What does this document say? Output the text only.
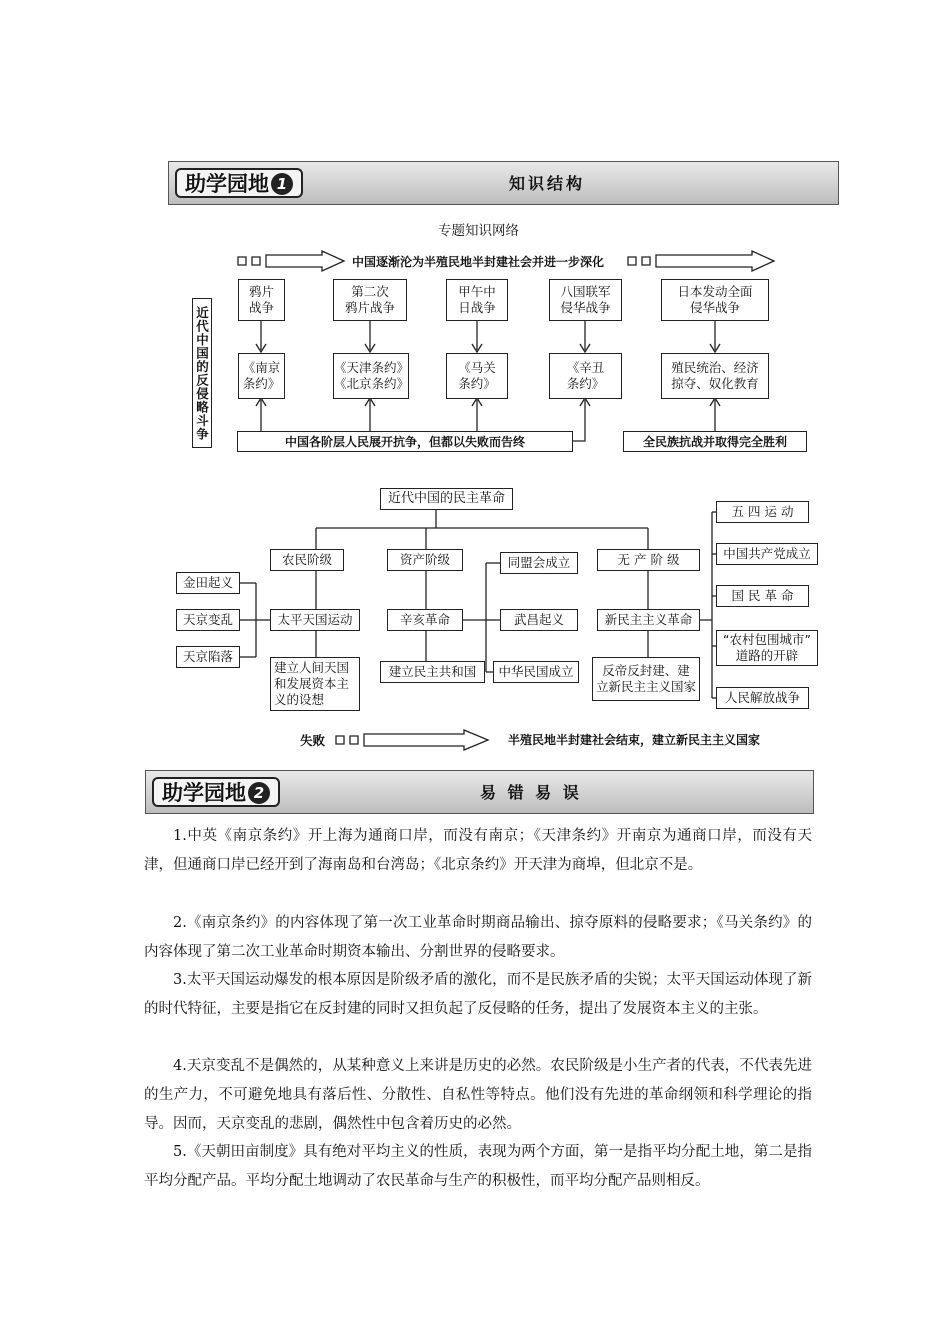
助学园地 1	知识结构
专题知识网络
中国逐渐沦为半殖民地半封建社会并进一步深化
近代中国的反侵略斗争
鸦片
战争
第二次
鸦片战争
甲午中
日战争
八国联军
侵华战争
日本发动全面
侵华战争
《南京
条约》
《天津条约》
《北京条约》
《马关
条约》
《辛丑
条约》
殖民统治、经济
掠夺、奴化教育
中国各阶层人民展开抗争，但都以失败而告终	全民族抗战并取得完全胜利
近代中国的民主革命
农民阶级	资产阶级	无 产 阶 级
太平天国运动	辛亥革命	新民主主义革命
金田起义
天京变乱
天京陷落
建立人间天国
和发展资本主
义的设想
建立民主共和国	反帝反封建、建
立新民主主义国家
同盟会成立
武昌起义
中华民国成立
五 四 运 动
中国共产党成立
国 民 革 命
“农村包围城市”
道路的开辟
人民解放战争
失败	半殖民地半封建社会结束，建立新民主主义国家
助学园地 2	易 错 易 误
1.中英《南京条约》开上海为通商口岸，而没有南京；《天津条约》开南京为通商口岸，而没有天津，但通商口岸已经开到了海南岛和台湾岛；《北京条约》开天津为商埠，但北京不是。
2.《南京条约》的内容体现了第一次工业革命时期商品输出、掠夺原料的侵略要求；《马关条约》的内容体现了第二次工业革命时期资本输出、分割世界的侵略要求。
3.太平天国运动爆发的根本原因是阶级矛盾的激化，而不是民族矛盾的尖锐；太平天国运动体现了新的时代特征，主要是指它在反封建的同时又担负起了反侵略的任务，提出了发展资本主义的主张。
4.天京变乱不是偶然的，从某种意义上来讲是历史的必然。农民阶级是小生产者的代表，不代表先进的生产力，不可避免地具有落后性、分散性、自私性等特点。他们没有先进的革命纲领和科学理论的指导。因而，天京变乱的悲剧，偶然性中包含着历史的必然。
5.《天朝田亩制度》具有绝对平均主义的性质，表现为两个方面，第一是指平均分配土地，第二是指平均分配产品。平均分配土地调动了农民革命与生产的积极性，而平均分配产品则相反。
